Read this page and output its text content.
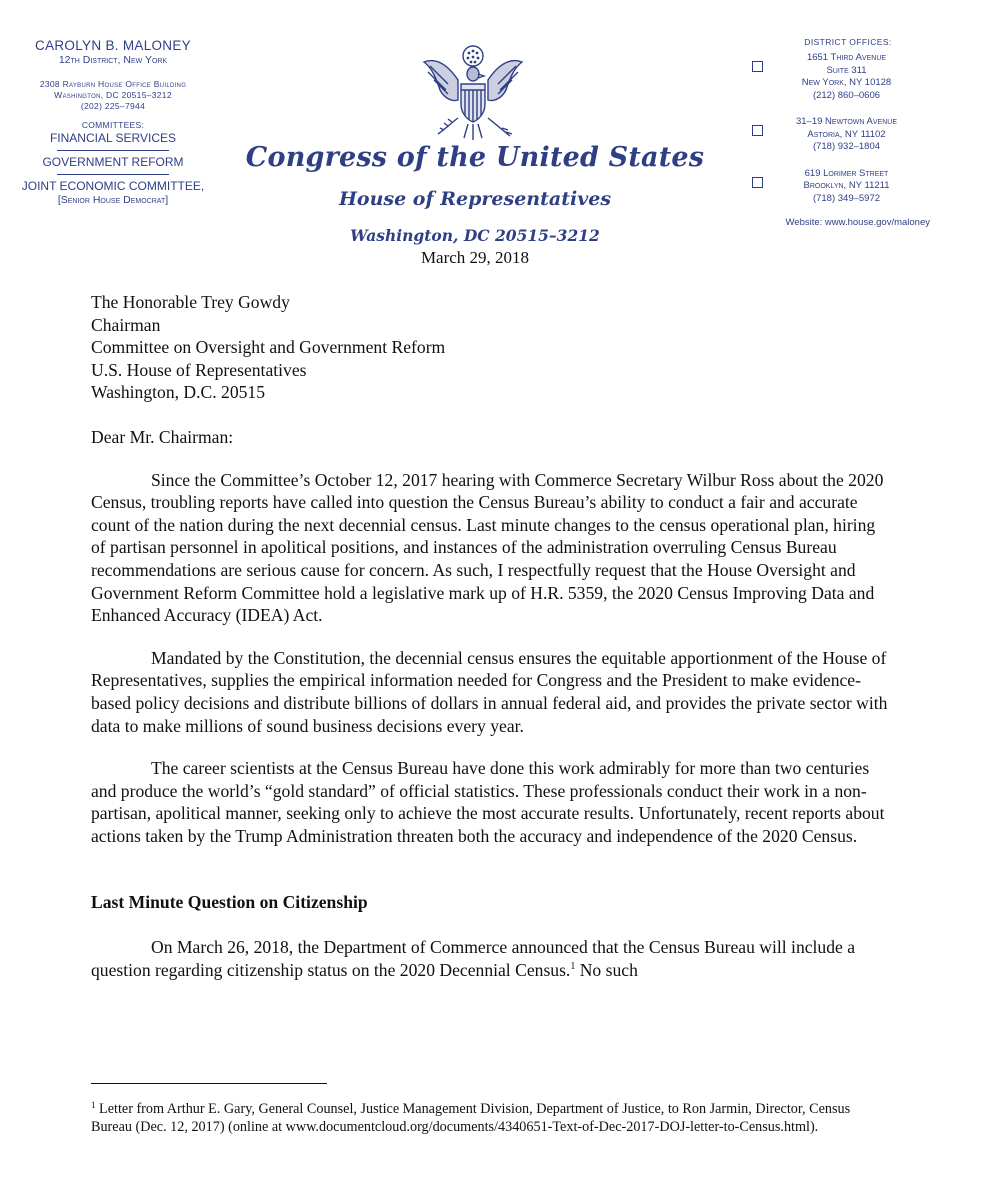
CAROLYN B. MALONEY
12th District, New York
2308 Rayburn House Office Building
Washington, DC 20515–3212
(202) 225–7944
COMMITTEES:
FINANCIAL SERVICES
GOVERNMENT REFORM
JOINT ECONOMIC COMMITTEE,
[Senior House Democrat]
Congress of the United States
House of Representatives
Washington, DC 20515–3212
March 29, 2018
DISTRICT OFFICES:
1651 Third Avenue
Suite 311
New York, NY 10128
(212) 860–0606
31–19 Newtown Avenue
Astoria, NY 11102
(718) 932–1804
619 Lorimer Street
Brooklyn, NY 11211
(718) 349–5972
Website: www.house.gov/maloney
The Honorable Trey Gowdy
Chairman
Committee on Oversight and Government Reform
U.S. House of Representatives
Washington, D.C. 20515
Dear Mr. Chairman:

Since the Committee’s October 12, 2017 hearing with Commerce Secretary Wilbur Ross about the 2020 Census, troubling reports have called into question the Census Bureau’s ability to conduct a fair and accurate count of the nation during the next decennial census. Last minute changes to the census operational plan, hiring of partisan personnel in apolitical positions, and instances of the administration overruling Census Bureau recommendations are serious cause for concern. As such, I respectfully request that the House Oversight and Government Reform Committee hold a legislative mark up of H.R. 5359, the 2020 Census Improving Data and Enhanced Accuracy (IDEA) Act.

Mandated by the Constitution, the decennial census ensures the equitable apportionment of the House of Representatives, supplies the empirical information needed for Congress and the President to make evidence-based policy decisions and distribute billions of dollars in annual federal aid, and provides the private sector with data to make millions of sound business decisions every year.

The career scientists at the Census Bureau have done this work admirably for more than two centuries and produce the world’s “gold standard” of official statistics. These professionals conduct their work in a non-partisan, apolitical manner, seeking only to achieve the most accurate results. Unfortunately, recent reports about actions taken by the Trump Administration threaten both the accuracy and independence of the 2020 Census.

Last Minute Question on Citizenship

On March 26, 2018, the Department of Commerce announced that the Census Bureau will include a question regarding citizenship status on the 2020 Decennial Census.$^1$ No such

$^1$ Letter from Arthur E. Gary, General Counsel, Justice Management Division, Department of Justice, to Ron Jarmin, Director, Census Bureau (Dec. 12, 2017) (online at www.documentcloud.org/documents/4340651-Text-of-Dec-2017-DOJ-letter-to-Census.html).
